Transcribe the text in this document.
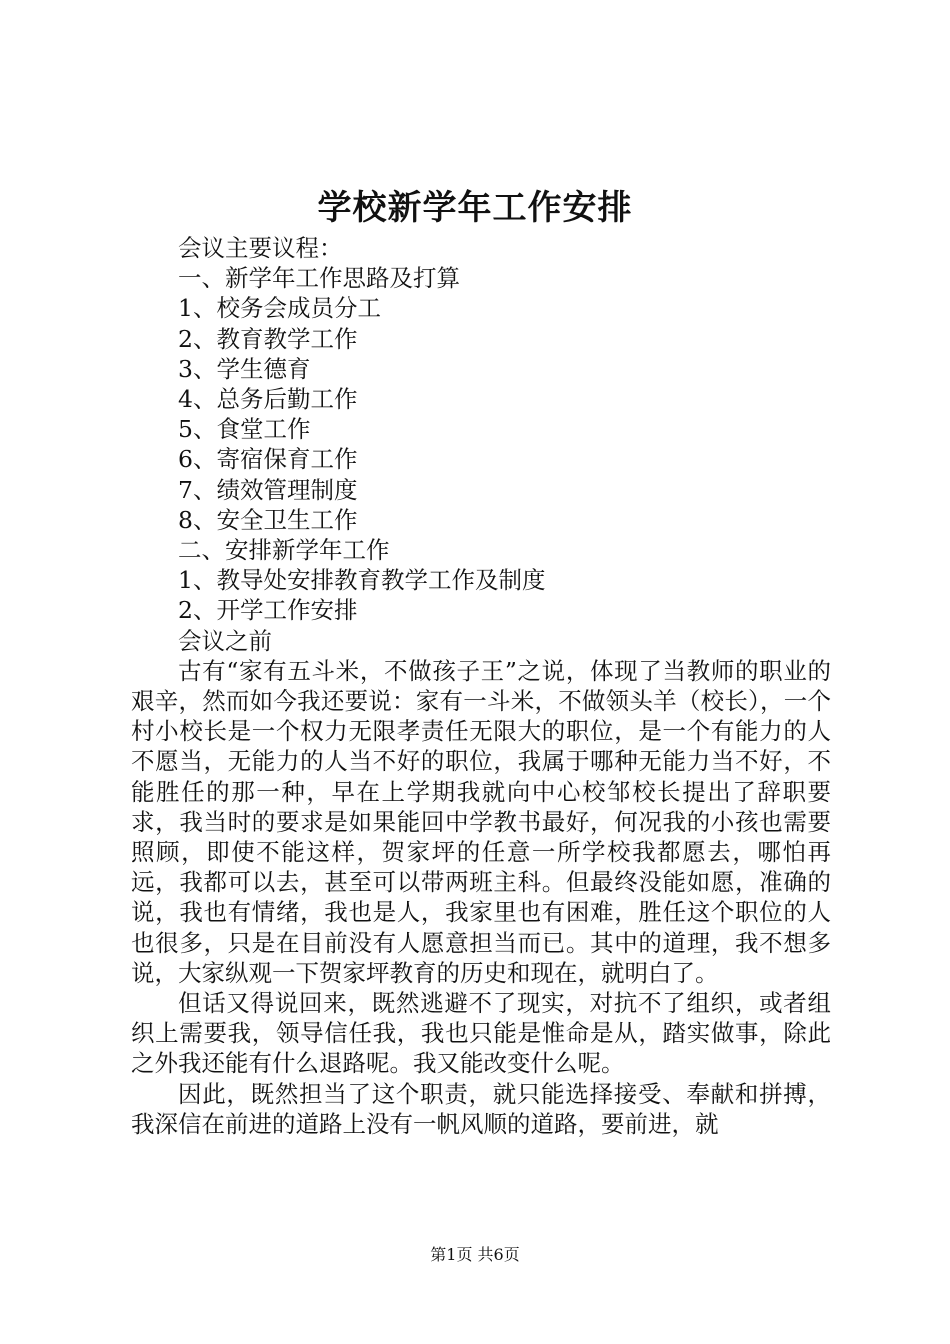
学校新学年工作安排
会议主要议程：
一、新学年工作思路及打算
1、校务会成员分工
2、教育教学工作
3、学生德育
4、总务后勤工作
5、食堂工作
6、寄宿保育工作
7、绩效管理制度
8、安全卫生工作
二、安排新学年工作
1、教导处安排教育教学工作及制度
2、开学工作安排
会议之前

古有“家有五斗米，不做孩子王”之说，体现了当教师的职业的艰辛，然而如今我还要说：家有一斗米，不做领头羊（校长），一个村小校长是一个权力无限孝责任无限大的职位，是一个有能力的人不愿当，无能力的人当不好的职位，我属于哪种无能力当不好，不能胜任的那一种，早在上学期我就向中心校邹校长提出了辞职要求，我当时的要求是如果能回中学教书最好，何况我的小孩也需要照顾，即使不能这样，贺家坪的任意一所学校我都愿去，哪怕再远，我都可以去，甚至可以带两班主科。但最终没能如愿，准确的说，我也有情绪，我也是人，我家里也有困难，胜任这个职位的人也很多，只是在目前没有人愿意担当而已。其中的道理，我不想多说，大家纵观一下贺家坪教育的历史和现在，就明白了。

但话又得说回来，既然逃避不了现实，对抗不了组织，或者组织上需要我，领导信任我，我也只能是惟命是从，踏实做事，除此之外我还能有什么退路呢。我又能改变什么呢。

因此，既然担当了这个职责，就只能选择接受、奉献和拼搏，我深信在前进的道路上没有一帆风顺的道路，要前进，就

第1页 共6页
